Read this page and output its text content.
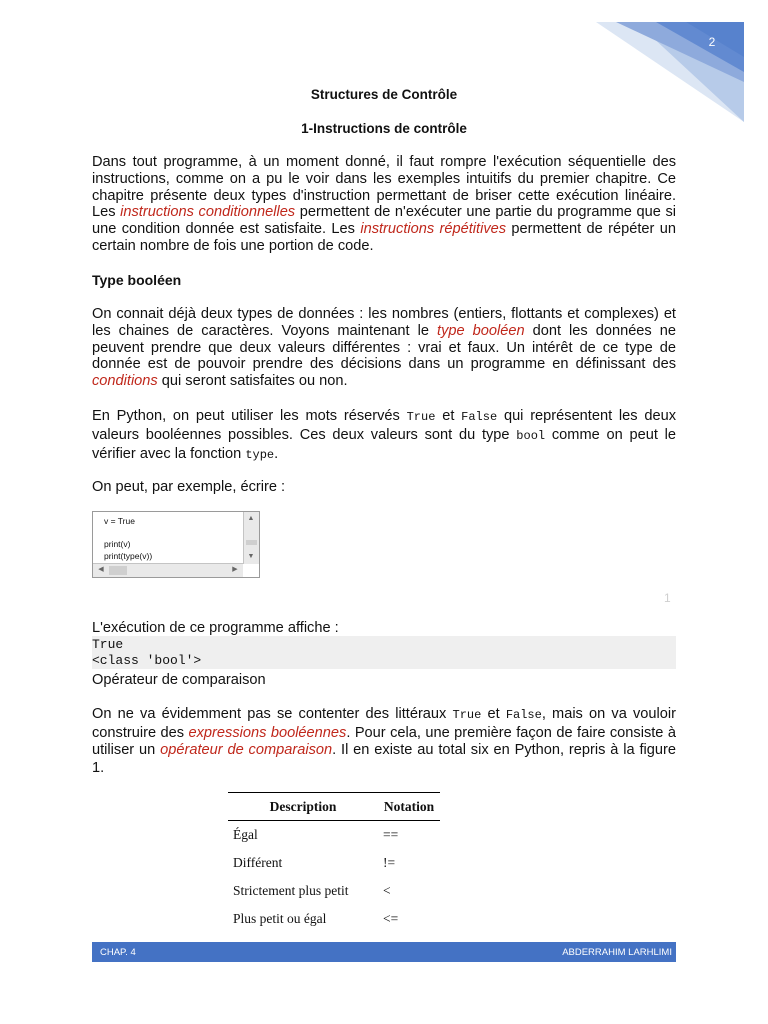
2
Structures de Contrôle
1-Instructions de contrôle
Dans tout programme, à un moment donné, il faut rompre l'exécution séquentielle des instructions, comme on a pu le voir dans les exemples intuitifs du premier chapitre. Ce chapitre présente deux types d'instruction permettant de briser cette exécution linéaire. Les instructions conditionnelles permettent de n'exécuter une partie du programme que si une condition donnée est satisfaite. Les instructions répétitives permettent de répéter un certain nombre de fois une portion de code.
Type booléen
On connait déjà deux types de données : les nombres (entiers, flottants et complexes) et les chaines de caractères. Voyons maintenant le type booléen dont les données ne peuvent prendre que deux valeurs différentes : vrai et faux. Un intérêt de ce type de donnée est de pouvoir prendre des décisions dans un programme en définissant des conditions qui seront satisfaites ou non.
En Python, on peut utiliser les mots réservés True et False qui représentent les deux valeurs booléennes possibles. Ces deux valeurs sont du type bool comme on peut le vérifier avec la fonction type.
On peut, par exemple, écrire :
v = True
print(v)
print(type(v))
▲
▼
◀	▶
1
L'exécution de ce programme affiche :
True
<class 'bool'>
Opérateur de comparaison
On ne va évidemment pas se contenter des littéraux True et False, mais on va vouloir construire des expressions booléennes. Pour cela, une première façon de faire consiste à utiliser un opérateur de comparaison. Il en existe au total six en Python, repris à la figure 1.
Description	Notation
Égal	==
Différent	!=
Strictement plus petit	<
Plus petit ou égal	<=
CHAP. 4	ABDERRAHIM LARHLIMI
